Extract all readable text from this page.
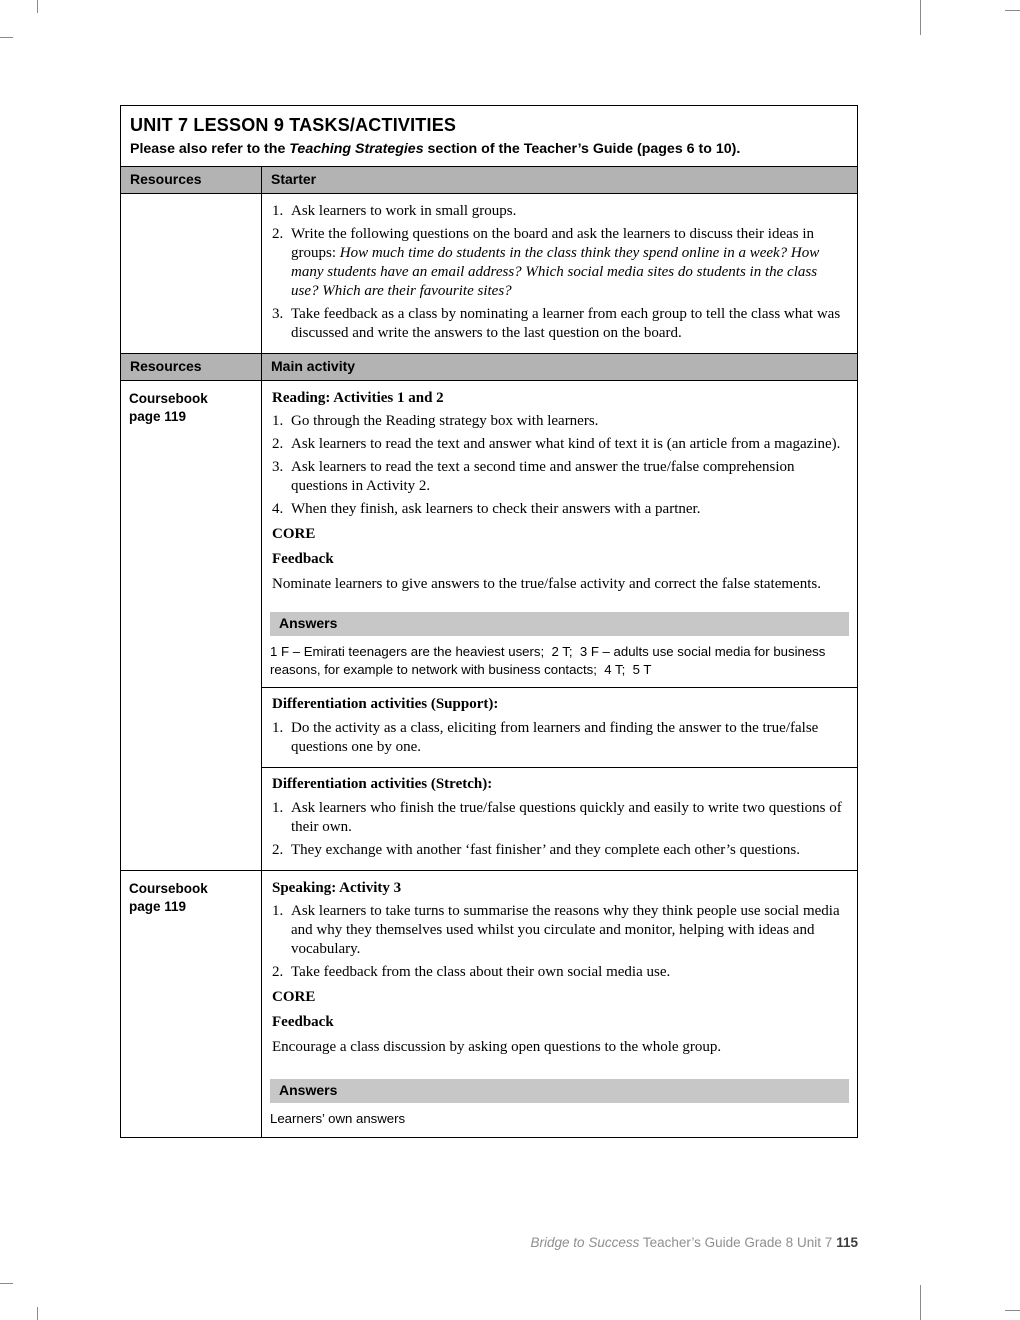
UNIT 7 LESSON 9 TASKS/ACTIVITIES
Please also refer to the Teaching Strategies section of the Teacher’s Guide (pages 6 to 10).
Resources	Starter
1. Ask learners to work in small groups.
2. Write the following questions on the board and ask the learners to discuss their ideas in groups: How much time do students in the class think they spend online in a week? How many students have an email address? Which social media sites do students in the class use? Which are their favourite sites?
3. Take feedback as a class by nominating a learner from each group to tell the class what was discussed and write the answers to the last question on the board.
Resources	Main activity
Coursebook
page 119
Reading: Activities 1 and 2
1. Go through the Reading strategy box with learners.
2. Ask learners to read the text and answer what kind of text it is (an article from a magazine).
3. Ask learners to read the text a second time and answer the true/false comprehension questions in Activity 2.
4. When they finish, ask learners to check their answers with a partner.
CORE
Feedback
Nominate learners to give answers to the true/false activity and correct the false statements.
Answers
1 F – Emirati teenagers are the heaviest users;  2 T;  3 F – adults use social media for business reasons, for example to network with business contacts;  4 T;  5 T
Differentiation activities (Support):
1. Do the activity as a class, eliciting from learners and finding the answer to the true/false questions one by one.
Differentiation activities (Stretch):
1. Ask learners who finish the true/false questions quickly and easily to write two questions of their own.
2. They exchange with another ‘fast finisher’ and they complete each other’s questions.
Coursebook
page 119
Speaking: Activity 3
1. Ask learners to take turns to summarise the reasons why they think people use social media and why they themselves used whilst you circulate and monitor, helping with ideas and vocabulary.
2. Take feedback from the class about their own social media use.
CORE
Feedback
Encourage a class discussion by asking open questions to the whole group.
Answers
Learners’ own answers
Bridge to Success Teacher’s Guide Grade 8 Unit 7 115
